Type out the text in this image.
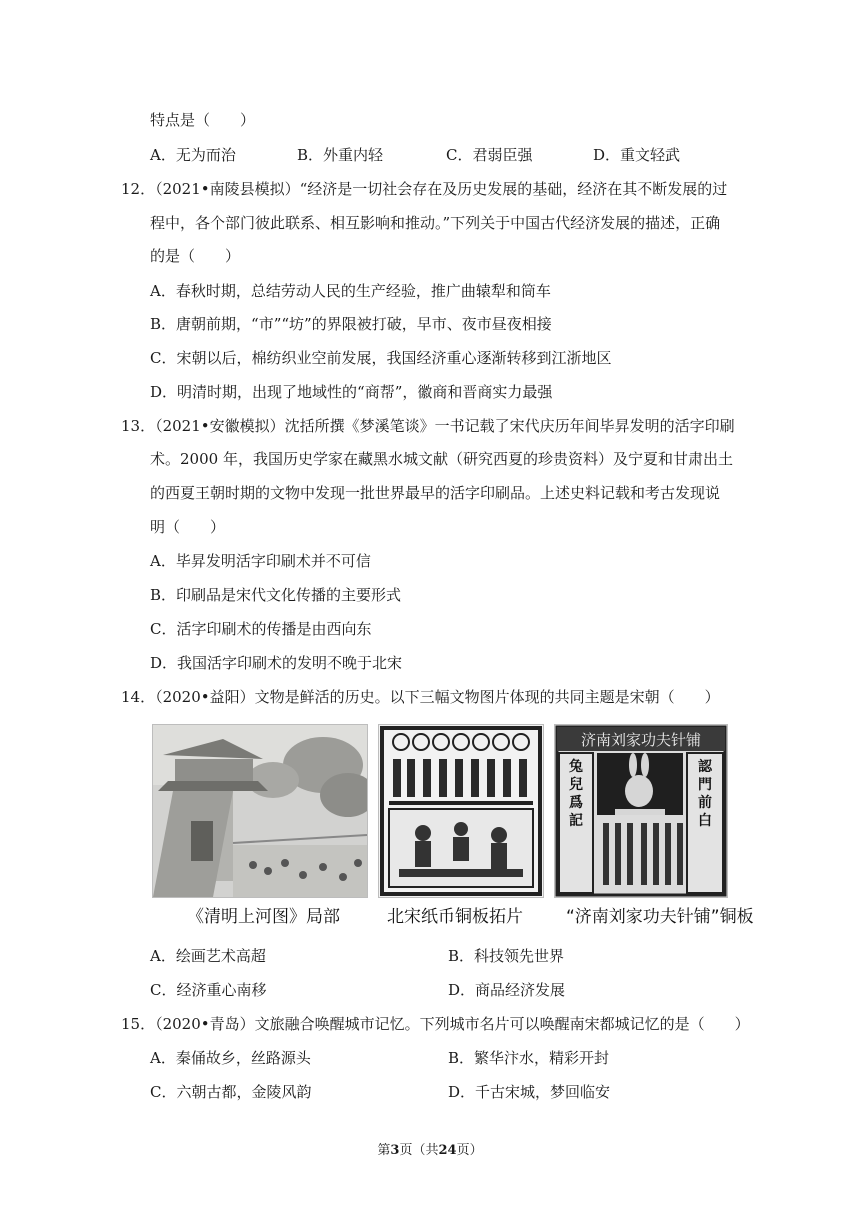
特点是（　　）
A．无为而治	B．外重内轻	C．君弱臣强	D．重文轻武
12．（2021•南陵县模拟）“经济是一切社会存在及历史发展的基础，经济在其不断发展的过
程中，各个部门彼此联系、相互影响和推动。”下列关于中国古代经济发展的描述，正确
的是（　　）
A．春秋时期，总结劳动人民的生产经验，推广曲辕犁和筒车
B．唐朝前期，“市”“坊”的界限被打破，早市、夜市昼夜相接
C．宋朝以后，棉纺织业空前发展，我国经济重心逐渐转移到江浙地区
D．明清时期，出现了地域性的“商帮”，徽商和晋商实力最强
13．（2021•安徽模拟）沈括所撰《梦溪笔谈》一书记载了宋代庆历年间毕昇发明的活字印刷
术。2000 年，我国历史学家在藏黑水城文献（研究西夏的珍贵资料）及宁夏和甘肃出土
的西夏王朝时期的文物中发现一批世界最早的活字印刷品。上述史料记载和考古发现说
明（　　）
A．毕昇发明活字印刷术并不可信
B．印刷品是宋代文化传播的主要形式
C．活字印刷术的传播是由西向东
D．我国活字印刷术的发明不晚于北宋
14．（2020•益阳）文物是鲜活的历史。以下三幅文物图片体现的共同主题是宋朝（　　）
济南刘家功夫针铺
兔
兒
爲
記
認
門
前
白
《清明上河图》局部	北宋纸币铜板拓片	“济南刘家功夫针铺”铜板
A．绘画艺术高超	B．科技领先世界
C．经济重心南移	D．商品经济发展
15．（2020•青岛）文旅融合唤醒城市记忆。下列城市名片可以唤醒南宋都城记忆的是（　　）
A．秦俑故乡，丝路源头	B．繁华汴水，精彩开封
C．六朝古都，金陵风韵	D．千古宋城，梦回临安
第3页（共24页）
